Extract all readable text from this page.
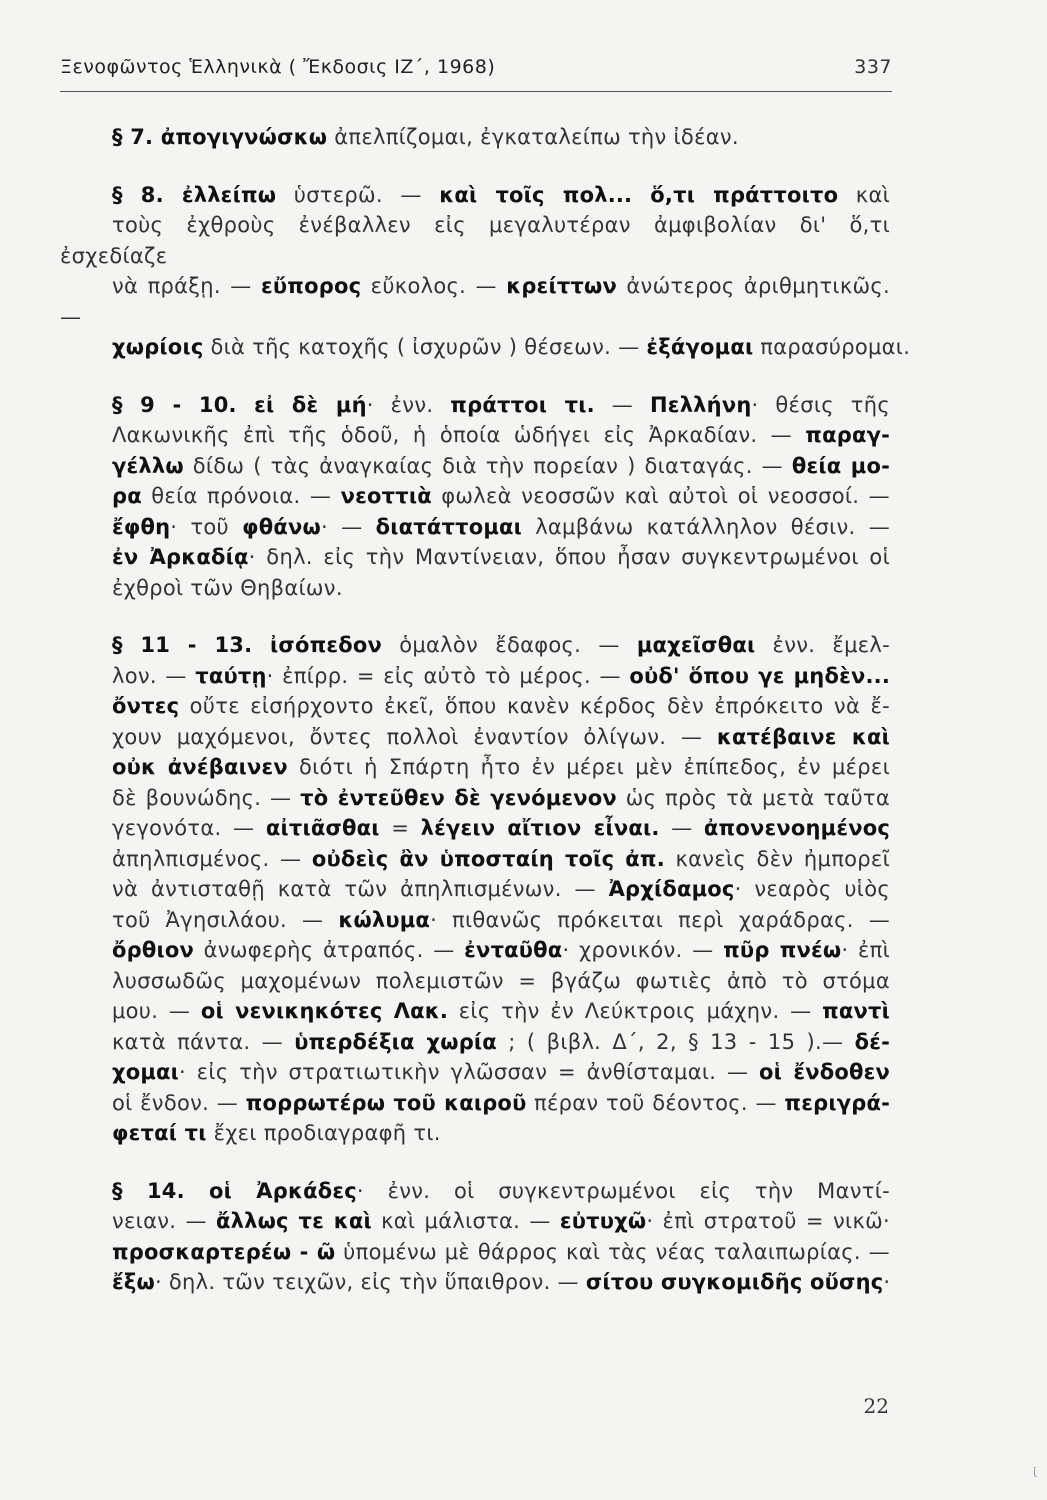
Ξενοφῶντος Ἑλληνικὰ ( Ἔκδοσις ΙΖ΄, 1968)	337
§ 7. ἀπογιγνώσκω ἀπελπίζομαι, ἐγκαταλείπω τὴν ἰδέαν.
§ 8. ἐλλείπω ὑστερῶ. — καὶ τοῖς πολ... ὅ,τι πράττοιτο καὶ
τοὺς ἐχθροὺς ἐνέβαλλεν εἰς μεγαλυτέραν ἀμφιβολίαν δι' ὅ,τι ἐσχεδίαζε
νὰ πράξῃ. — εὔπορος εὔκολος. — κρείττων ἀνώτερος ἀριθμητικῶς. —
χωρίοις διὰ τῆς κατοχῆς ( ἰσχυρῶν ) θέσεων. — ἐξάγομαι παρασύρομαι.
§ 9 - 10. εἰ δὲ μή· ἐνν. πράττοι τι. — Πελλήνη· θέσις τῆς
Λακωνικῆς ἐπὶ τῆς ὁδοῦ, ἡ ὁποία ὡδήγει εἰς Ἀρκαδίαν. — παραγ-
γέλλω δίδω ( τὰς ἀναγκαίας διὰ τὴν πορείαν ) διαταγάς. — θεία μο-
ρα θεία πρόνοια. — νεοττιὰ φωλεὰ νεοσσῶν καὶ αὐτοὶ οἱ νεοσσοί. —
ἔφθη· τοῦ φθάνω· — διατάττομαι λαμβάνω κατάλληλον θέσιν. —
ἐν Ἀρκαδίᾳ· δηλ. εἰς τὴν Μαντίνειαν, ὅπου ἦσαν συγκεντρωμένοι οἱ
ἐχθροὶ τῶν Θηβαίων.
§ 11 - 13. ἰσόπεδον ὁμαλὸν ἔδαφος. — μαχεῖσθαι ἐνν. ἔμελ-
λον. — ταύτῃ· ἐπίρρ. = εἰς αὐτὸ τὸ μέρος. — οὐδ' ὅπου γε μηδὲν...
ὄντες οὔτε εἰσήρχοντο ἐκεῖ, ὅπου κανὲν κέρδος δὲν ἐπρόκειτο νὰ ἔ-
χουν μαχόμενοι, ὄντες πολλοὶ ἐναντίον ὀλίγων. — κατέβαινε καὶ
οὐκ ἀνέβαινεν διότι ἡ Σπάρτη ἦτο ἐν μέρει μὲν ἐπίπεδος, ἐν μέρει
δὲ βουνώδης. — τὸ ἐντεῦθεν δὲ γενόμενον ὡς πρὸς τὰ μετὰ ταῦτα
γεγονότα. — αἰτιᾶσθαι = λέγειν αἴτιον εἶναι. — ἀπονενοημένος
ἀπηλπισμένος. — οὐδεὶς ἂν ὑποσταίη τοῖς ἀπ. κανεὶς δὲν ἠμπορεῖ
νὰ ἀντισταθῇ κατὰ τῶν ἀπηλπισμένων. — Ἀρχίδαμος· νεαρὸς υἱὸς
τοῦ Ἀγησιλάου. — κώλυμα· πιθανῶς πρόκειται περὶ χαράδρας. —
ὄρθιον ἀνωφερὴς ἀτραπός. — ἐνταῦθα· χρονικόν. — πῦρ πνέω· ἐπὶ
λυσσωδῶς μαχομένων πολεμιστῶν = βγάζω φωτιὲς ἀπὸ τὸ στόμα
μου. — οἱ νενικηκότες Λακ. εἰς τὴν ἐν Λεύκτροις μάχην. — παντὶ
κατὰ πάντα. — ὑπερδέξια χωρία ; ( βιβλ. Δ΄, 2, § 13 - 15 ).— δέ-
χομαι· εἰς τὴν στρατιωτικὴν γλῶσσαν = ἀνθίσταμαι. — οἱ ἔνδοθεν
οἱ ἔνδον. — πορρωτέρω τοῦ καιροῦ πέραν τοῦ δέοντος. — περιγρά-
φεταί τι ἔχει προδιαγραφῆ τι.
§ 14. οἱ Ἀρκάδες· ἐνν. οἱ συγκεντρωμένοι εἰς τὴν Μαντί-
νειαν. — ἄλλως τε καὶ καὶ μάλιστα. — εὐτυχῶ· ἐπὶ στρατοῦ = νικῶ·
προσκαρτερέω - ῶ ὑπομένω μὲ θάρρος καὶ τὰς νέας ταλαιπωρίας. —
ἔξω· δηλ. τῶν τειχῶν, εἰς τὴν ὕπαιθρον. — σίτου συγκομιδῆς οὔσης·
22
ἰ
